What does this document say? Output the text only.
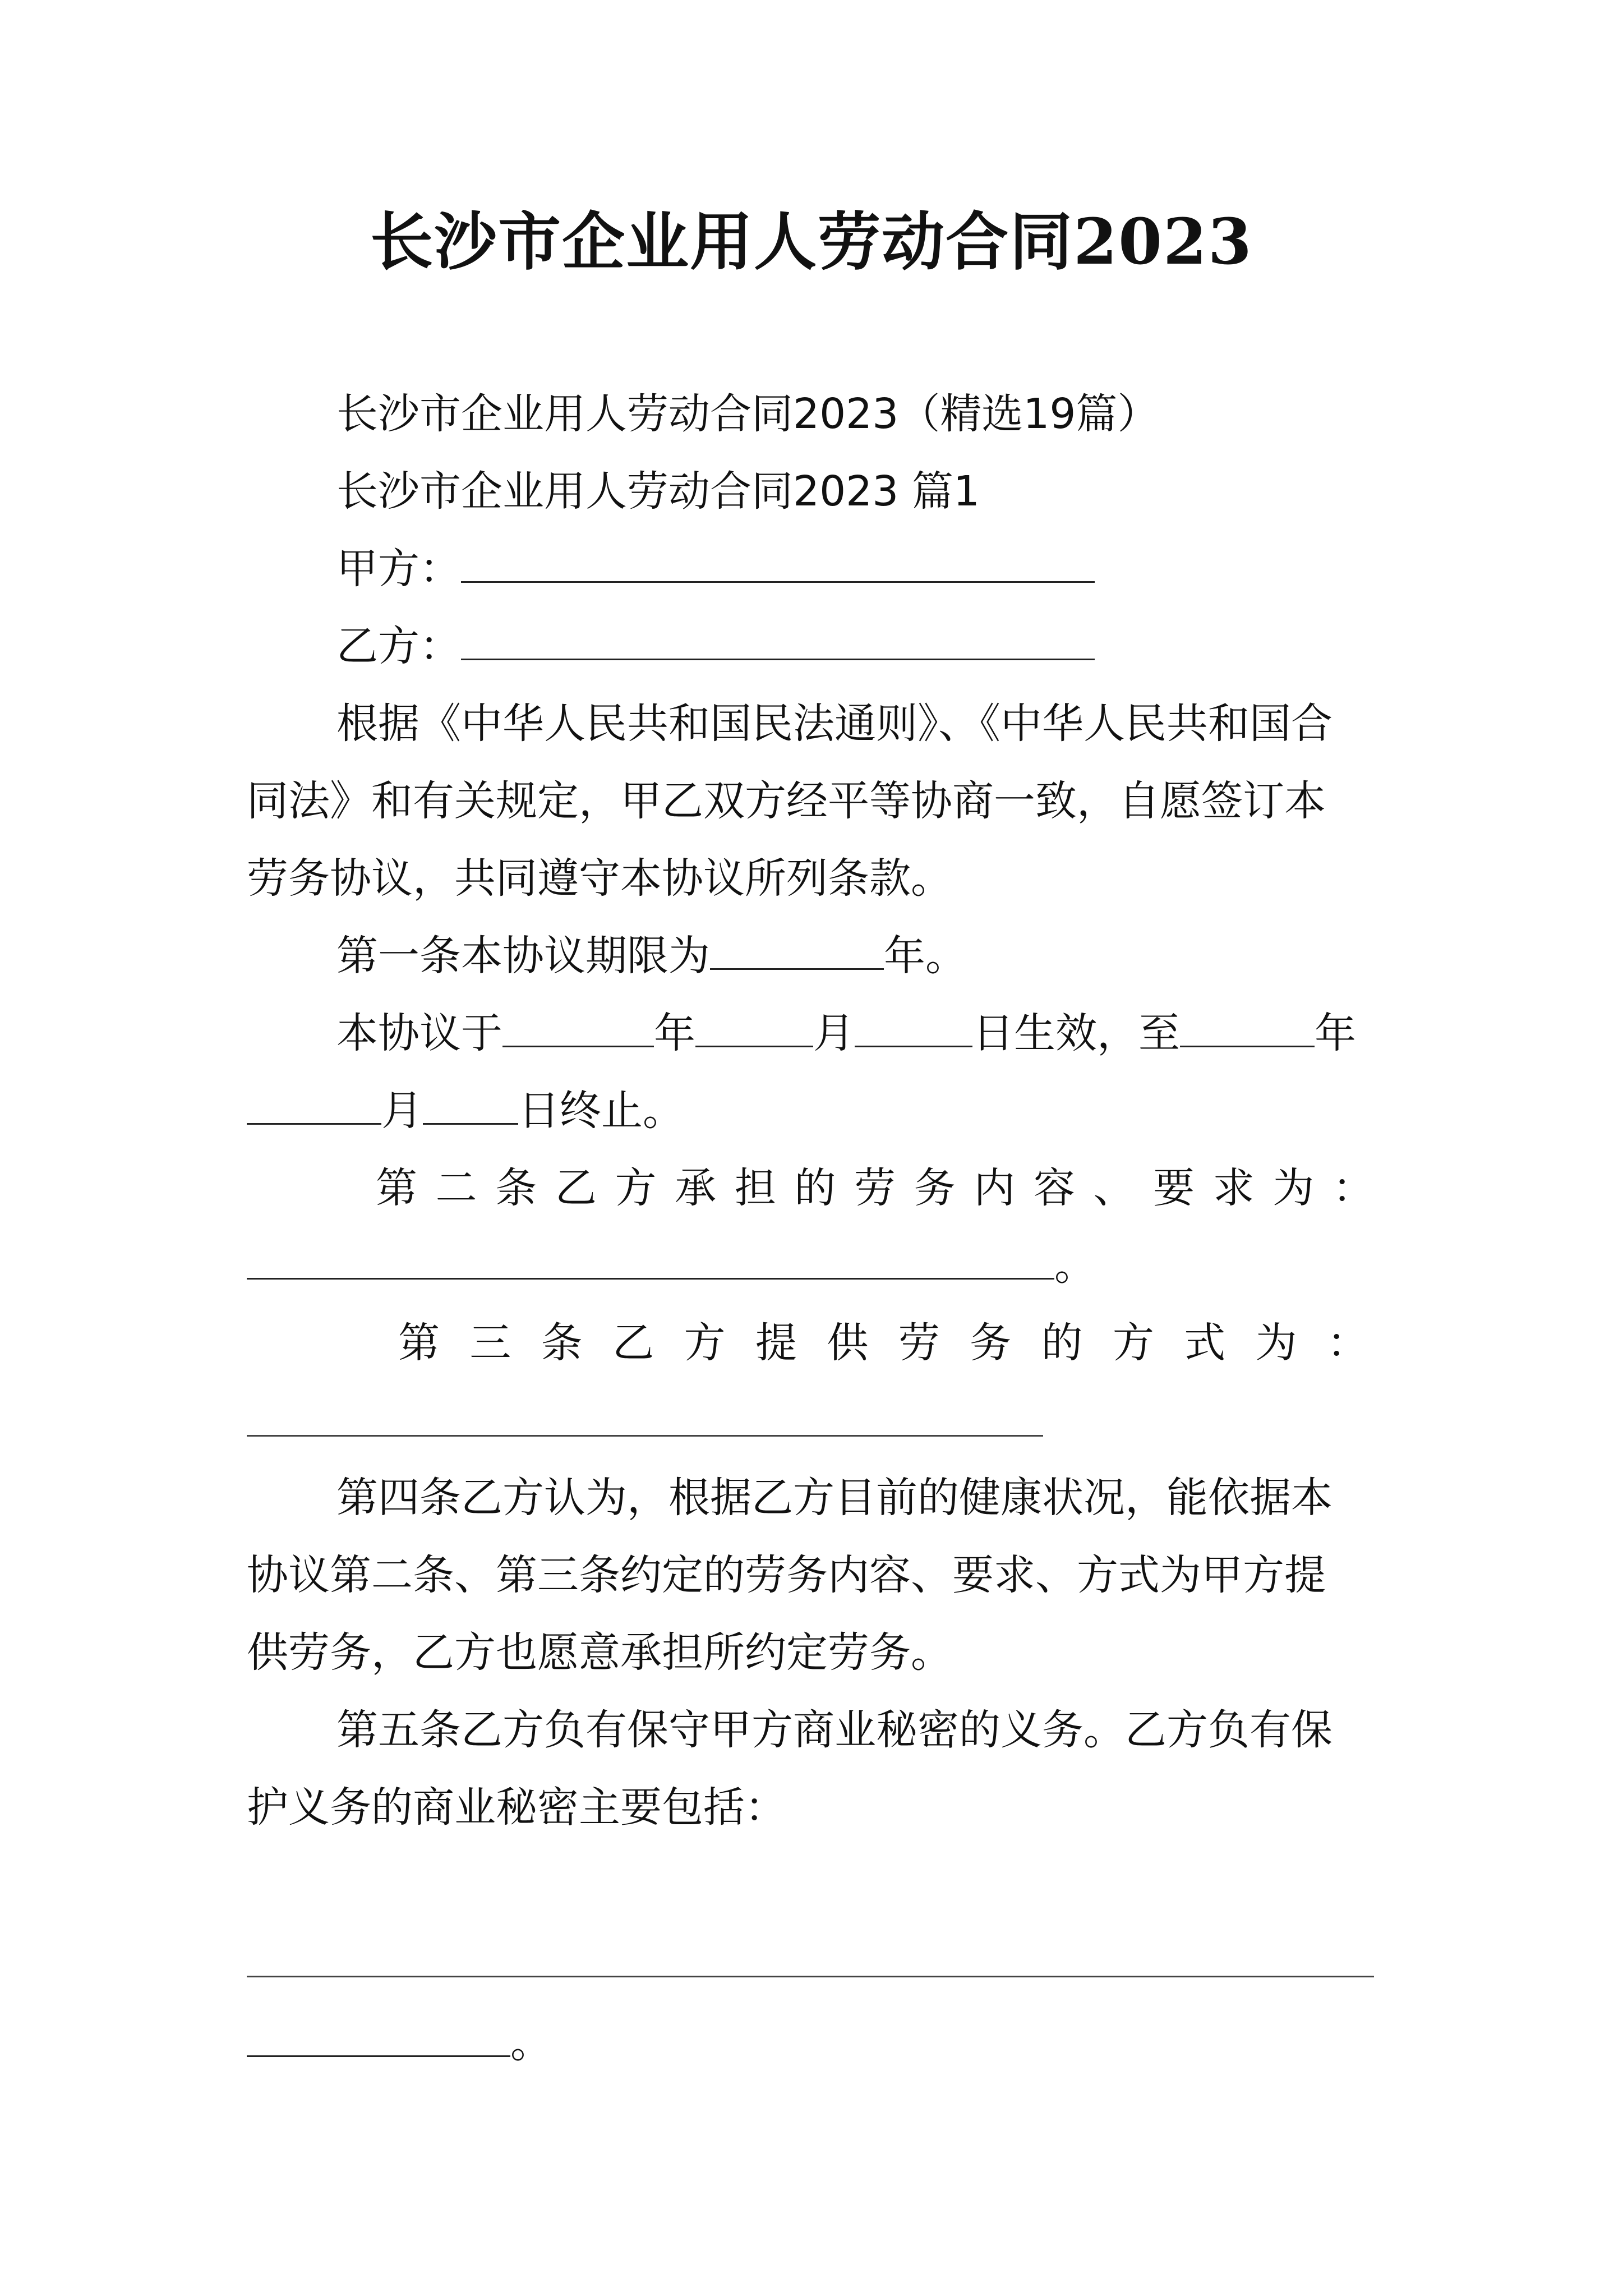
长沙市企业用人劳动合同2023
长沙市企业用人劳动合同2023（精选19篇）
长沙市企业用人劳动合同2023 篇1
甲方：
乙方：
根据《中华人民共和国民法通则》、《中华人民共和国合
同法》和有关规定，甲乙双方经平等协商一致，自愿签订本
劳务协议，共同遵守本协议所列条款。
第一条本协议期限为	年。
本协议于	年	月	日生效，至	年
月 日终止。
第二条乙方承担的劳务内容、要求为：
。
第三条乙方提供劳务的方式为：
第四条乙方认为，根据乙方目前的健康状况，能依据本
协议第二条、第三条约定的劳务内容、要求、方式为甲方提
供劳务，乙方也愿意承担所约定劳务。
第五条乙方负有保守甲方商业秘密的义务。乙方负有保
护义务的商业秘密主要包括：
。
